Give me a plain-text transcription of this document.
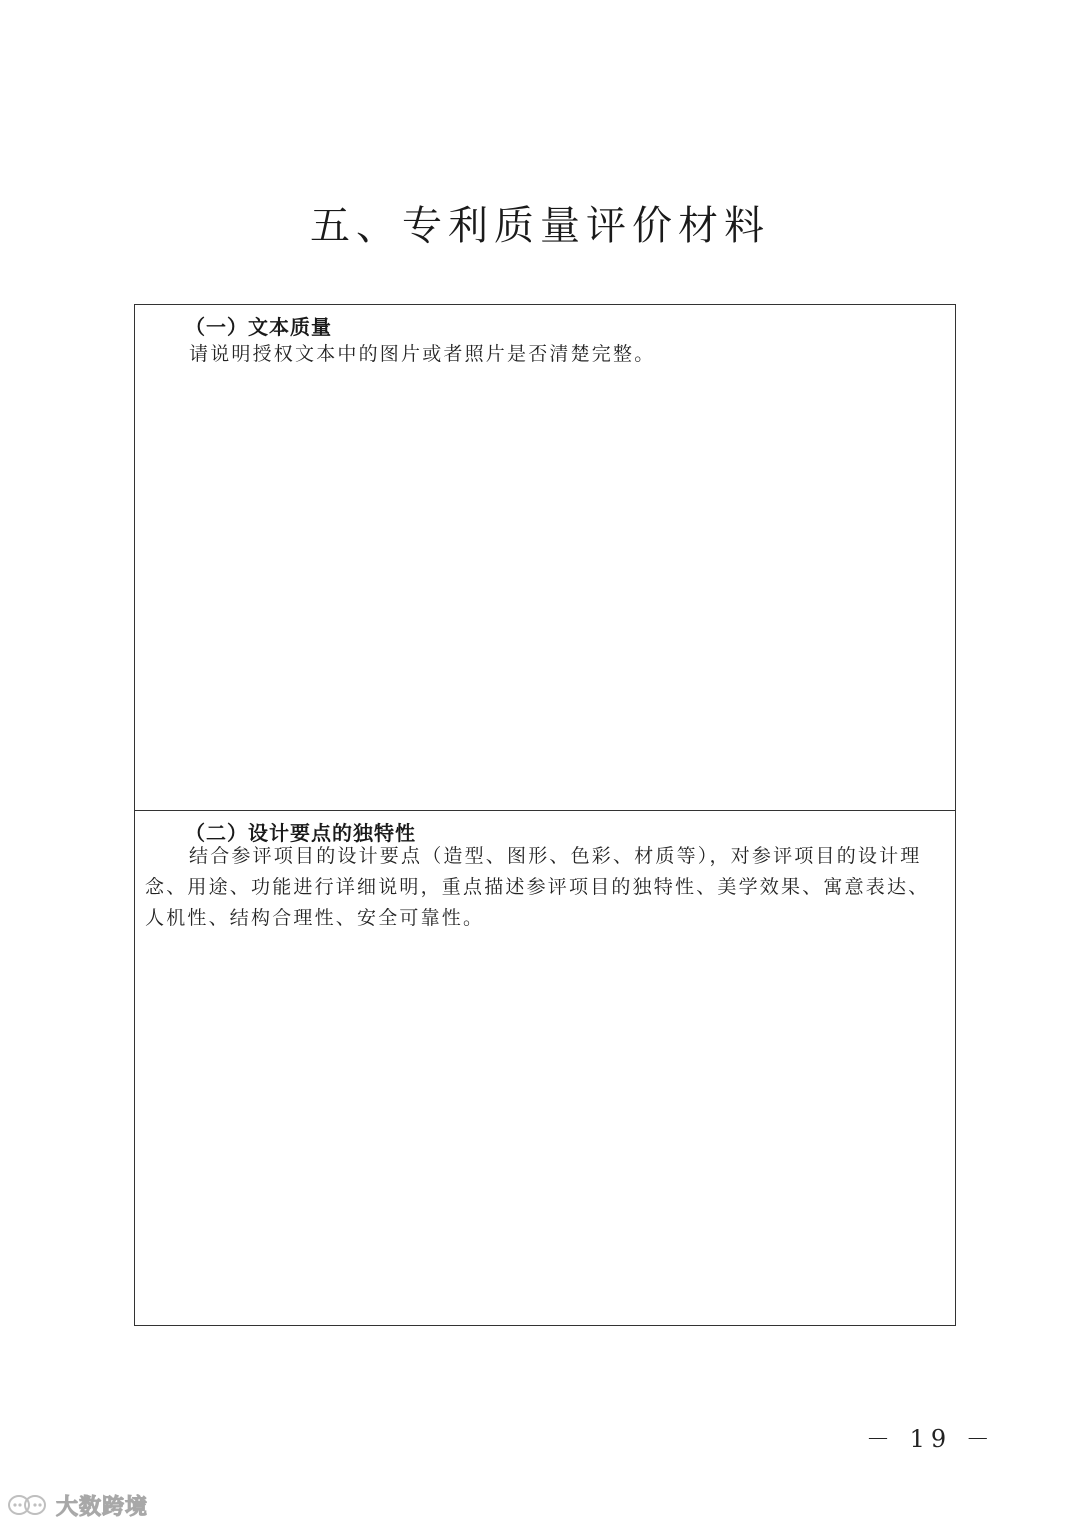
五、专利质量评价材料
（一）文本质量
请说明授权文本中的图片或者照片是否清楚完整。
（二）设计要点的独特性
结合参评项目的设计要点（造型、图形、色彩、材质等），对参评项目的设计理
念、用途、功能进行详细说明，重点描述参评项目的独特性、美学效果、寓意表达、
人机性、结构合理性、安全可靠性。
－ 19 －
大数跨境
